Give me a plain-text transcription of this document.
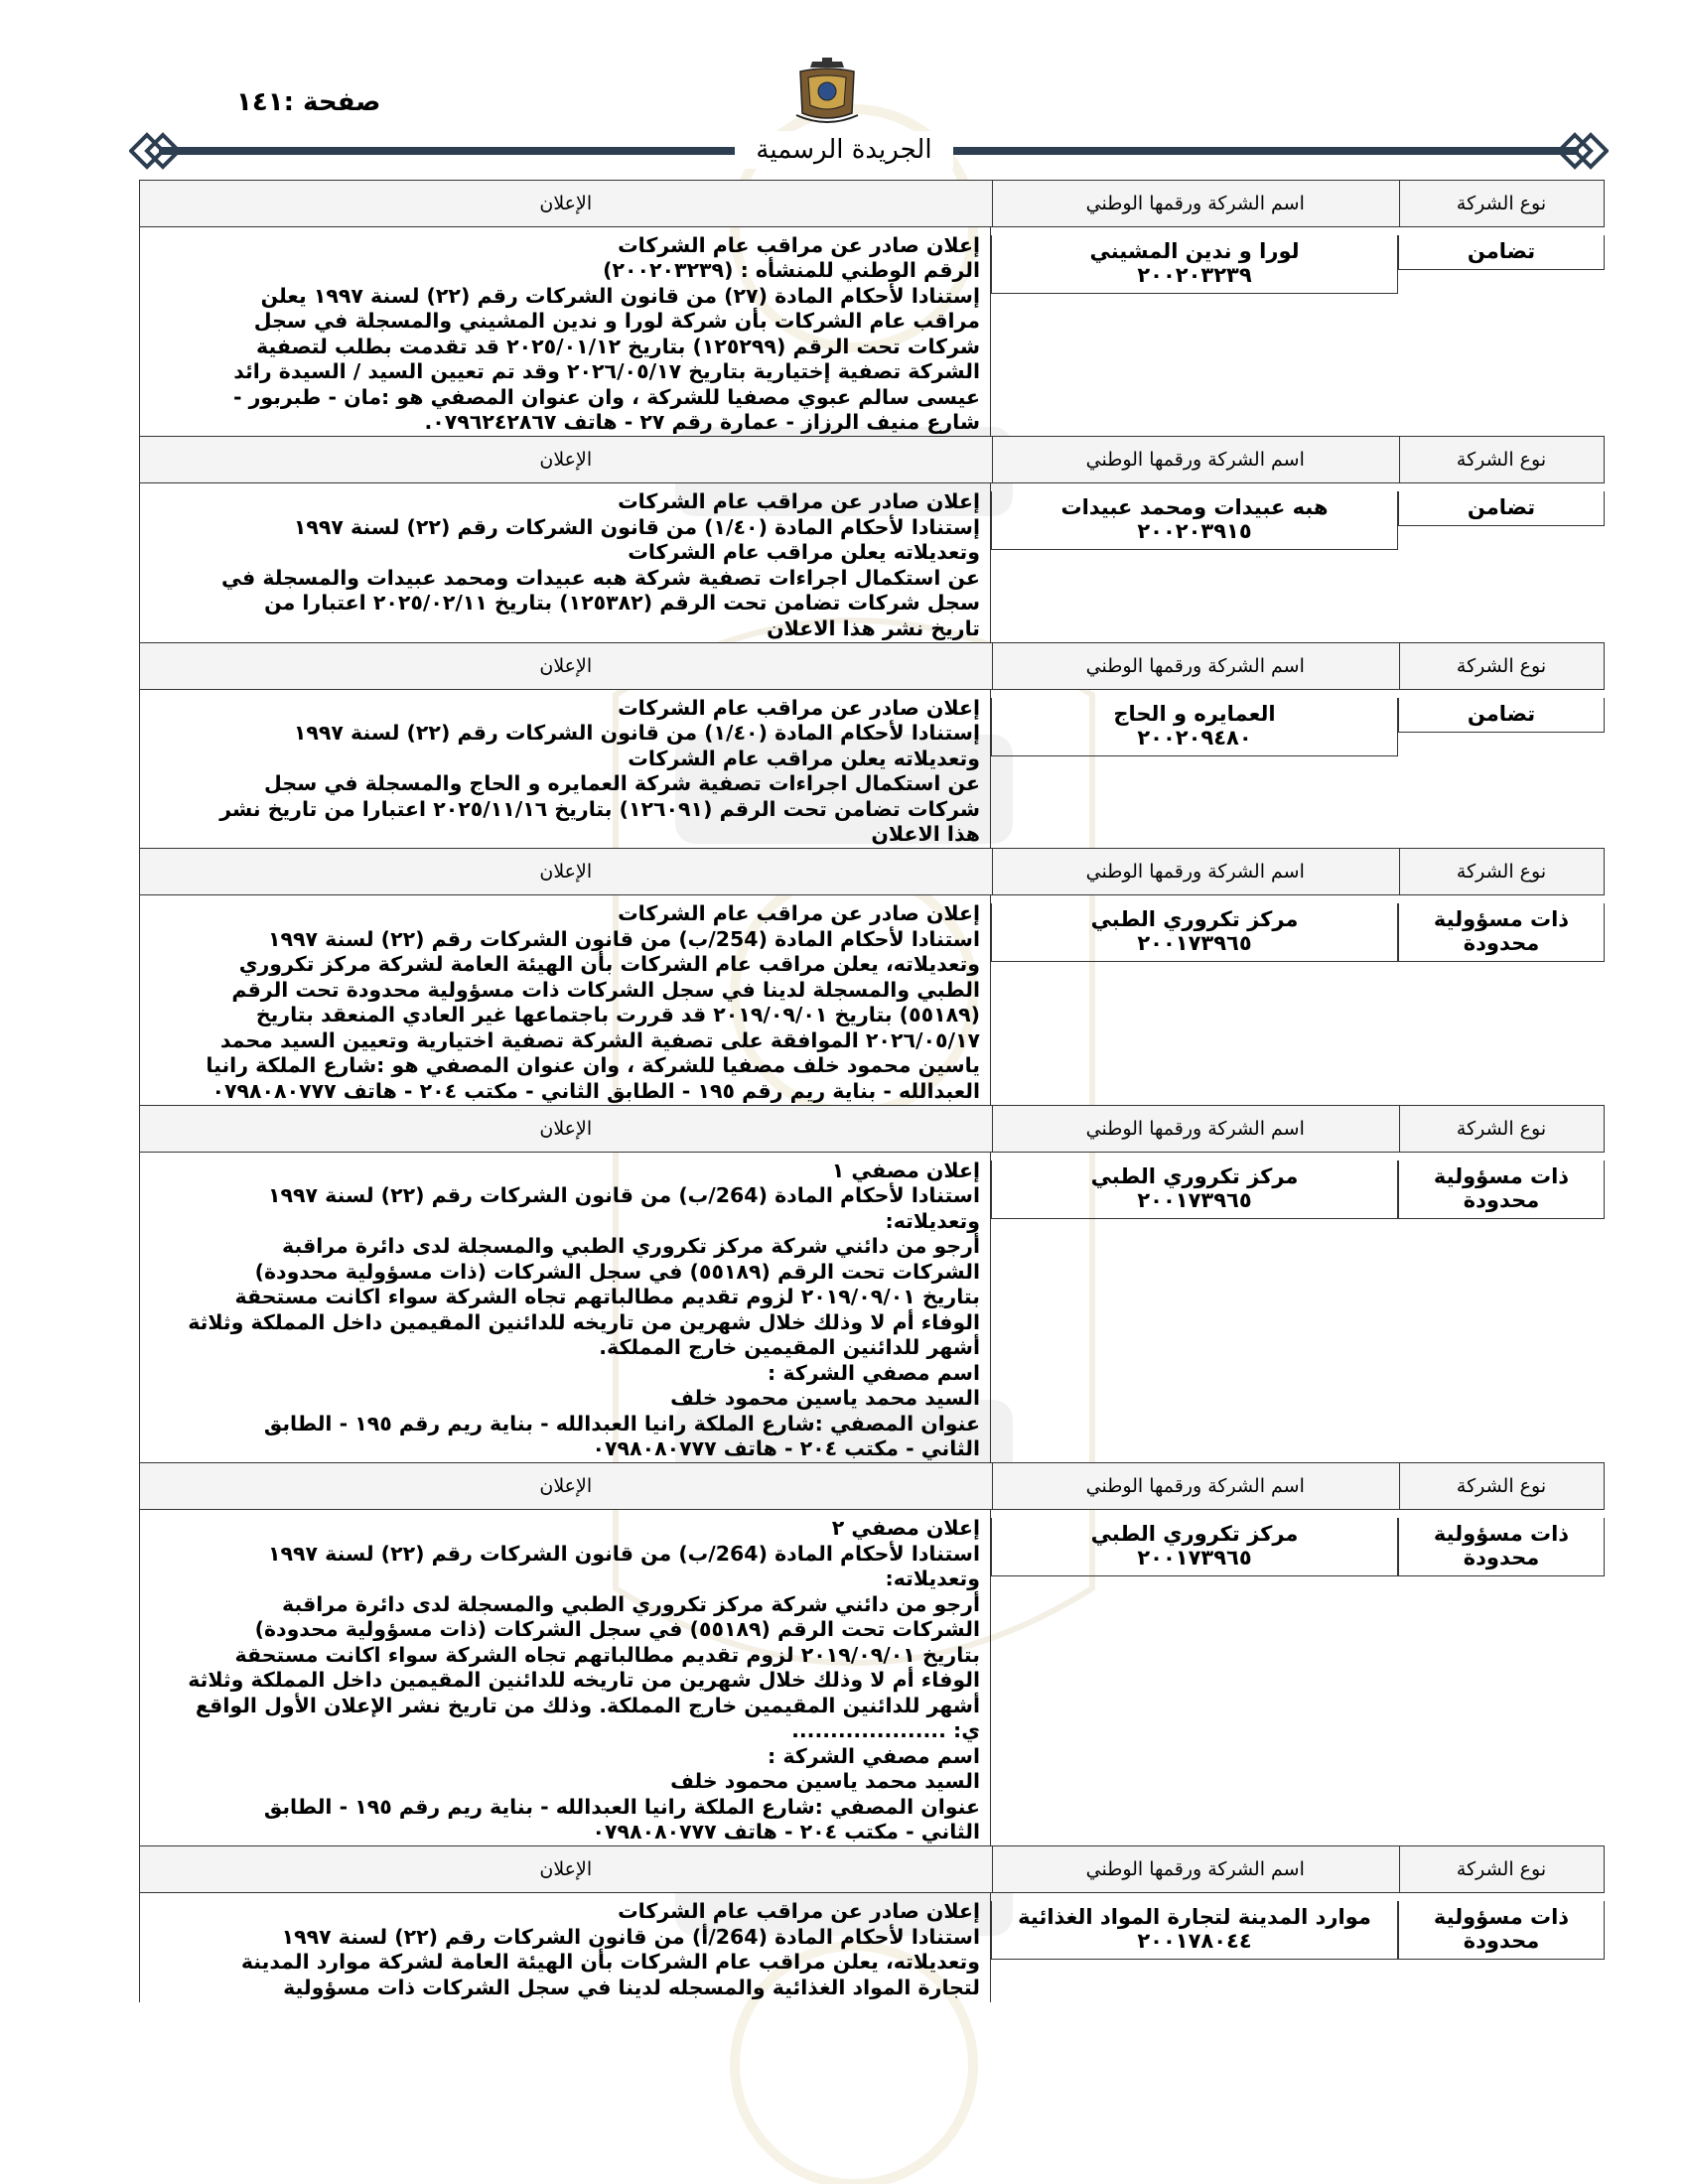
صفحة :١٤١
الجريدة الرسمية
نوع الشركة
اسم الشركة ورقمها الوطني
الإعلان
تضامن
لورا و ندين المشيني
٢٠٠٢٠٣٢٣٩
إعلان صادر عن مراقب عام الشركات
الرقم الوطني للمنشأه : (٢٠٠٢٠٣٢٣٩)
إستنادا لأحكام المادة (٢٧) من قانون الشركات رقم (٢٢) لسنة ١٩٩٧ يعلن
مراقب عام الشركات بأن شركة لورا و ندين المشيني والمسجلة في سجل
شركات تحت الرقم (١٢٥٢٩٩) بتاريخ ٢٠٢٥/٠١/١٢ قد تقدمت بطلب لتصفية
الشركة تصفية إختيارية بتاريخ ٢٠٢٦/٠٥/١٧ وقد تم تعيين السيد / السيدة رائد
عيسى سالم عبوي مصفيا للشركة ، وان عنوان المصفي هو :مان - طبربور -
شارع منيف الرزاز - عمارة رقم ٢٧ - هاتف ٠٧٩٦٢٤٢٨٦٧.
نوع الشركة
اسم الشركة ورقمها الوطني
الإعلان
تضامن
هبه عبيدات ومحمد عبيدات
٢٠٠٢٠٣٩١٥
إعلان صادر عن مراقب عام الشركات
إستنادا لأحكام المادة (١/٤٠) من قانون الشركات رقم (٢٢) لسنة ١٩٩٧
وتعديلاته يعلن مراقب عام الشركات
عن استكمال اجراءات تصفية شركة هبه عبيدات ومحمد عبيدات والمسجلة في
سجل شركات تضامن تحت الرقم (١٢٥٣٨٢) بتاريخ ٢٠٢٥/٠٢/١١ اعتبارا من
تاريخ نشر هذا الاعلان
نوع الشركة
اسم الشركة ورقمها الوطني
الإعلان
تضامن
العمايره و الحاج
٢٠٠٢٠٩٤٨٠
إعلان صادر عن مراقب عام الشركات
إستنادا لأحكام المادة (١/٤٠) من قانون الشركات رقم (٢٢) لسنة ١٩٩٧
وتعديلاته يعلن مراقب عام الشركات
عن استكمال اجراءات تصفية شركة العمايره و الحاج والمسجلة في سجل
شركات تضامن تحت الرقم (١٢٦٠٩١) بتاريخ ٢٠٢٥/١١/١٦ اعتبارا من تاريخ نشر
هذا الاعلان
نوع الشركة
اسم الشركة ورقمها الوطني
الإعلان
ذات مسؤولية محدودة
مركز تكروري الطبي
٢٠٠١٧٣٩٦٥
إعلان صادر عن مراقب عام الشركات
استنادا لأحكام المادة (254/ب) من قانون الشركات رقم (٢٢) لسنة ١٩٩٧
وتعديلاته، يعلن مراقب عام الشركات بأن الهيئة العامة لشركة مركز تكروري
الطبي والمسجلة لدينا في سجل الشركات ذات مسؤولية محدودة تحت الرقم
(٥٥١٨٩) بتاريخ ٢٠١٩/٠٩/٠١ قد قررت باجتماعها غير العادي المنعقد بتاريخ
٢٠٢٦/٠٥/١٧ الموافقة على تصفية الشركة تصفية اختيارية وتعيين السيد محمد
ياسين محمود خلف مصفيا للشركة ، وان عنوان المصفي هو :شارع الملكة رانيا
العبدالله - بناية ريم رقم ١٩٥ - الطابق الثاني - مكتب ٢٠٤ - هاتف ٠٧٩٨٠٨٠٧٧٧
نوع الشركة
اسم الشركة ورقمها الوطني
الإعلان
ذات مسؤولية محدودة
مركز تكروري الطبي
٢٠٠١٧٣٩٦٥
إعلان مصفي ١
استنادا لأحكام المادة (264/ب) من قانون الشركات رقم (٢٢) لسنة ١٩٩٧
وتعديلاته:
أرجو من دائني شركة مركز تكروري الطبي والمسجلة لدى دائرة مراقبة
الشركات تحت الرقم (٥٥١٨٩) في سجل الشركات (ذات مسؤولية محدودة)
بتاريخ ٢٠١٩/٠٩/٠١ لزوم تقديم مطالباتهم تجاه الشركة سواء اكانت مستحقة
الوفاء أم لا وذلك خلال شهرين من تاريخه للدائنين المقيمين داخل المملكة وثلاثة
أشهر للدائنين المقيمين خارج المملكة.
اسم مصفي الشركة :
السيد محمد ياسين محمود خلف
عنوان المصفي :شارع الملكة رانيا العبدالله - بناية ريم رقم ١٩٥ - الطابق
الثاني - مكتب ٢٠٤ - هاتف ٠٧٩٨٠٨٠٧٧٧
نوع الشركة
اسم الشركة ورقمها الوطني
الإعلان
ذات مسؤولية محدودة
مركز تكروري الطبي
٢٠٠١٧٣٩٦٥
إعلان مصفي ٢
استنادا لأحكام المادة (264/ب) من قانون الشركات رقم (٢٢) لسنة ١٩٩٧
وتعديلاته:
أرجو من دائني شركة مركز تكروري الطبي والمسجلة لدى دائرة مراقبة
الشركات تحت الرقم (٥٥١٨٩) في سجل الشركات (ذات مسؤولية محدودة)
بتاريخ ٢٠١٩/٠٩/٠١ لزوم تقديم مطالباتهم تجاه الشركة سواء اكانت مستحقة
الوفاء أم لا وذلك خلال شهرين من تاريخه للدائنين المقيمين داخل المملكة وثلاثة
أشهر للدائنين المقيمين خارج المملكة. وذلك من تاريخ نشر الإعلان الأول الواقع
ي: ....................
اسم مصفي الشركة :
السيد محمد ياسين محمود خلف
عنوان المصفي :شارع الملكة رانيا العبدالله - بناية ريم رقم ١٩٥ - الطابق
الثاني - مكتب ٢٠٤ - هاتف ٠٧٩٨٠٨٠٧٧٧
نوع الشركة
اسم الشركة ورقمها الوطني
الإعلان
ذات مسؤولية محدودة
موارد المدينة لتجارة المواد الغذائية
٢٠٠١٧٨٠٤٤
إعلان صادر عن مراقب عام الشركات
استنادا لأحكام المادة (264/أ) من قانون الشركات رقم (٢٢) لسنة ١٩٩٧
وتعديلاته، يعلن مراقب عام الشركات بأن الهيئة العامة لشركة موارد المدينة
لتجارة المواد الغذائية والمسجله لدينا في سجل الشركات ذات مسؤولية
